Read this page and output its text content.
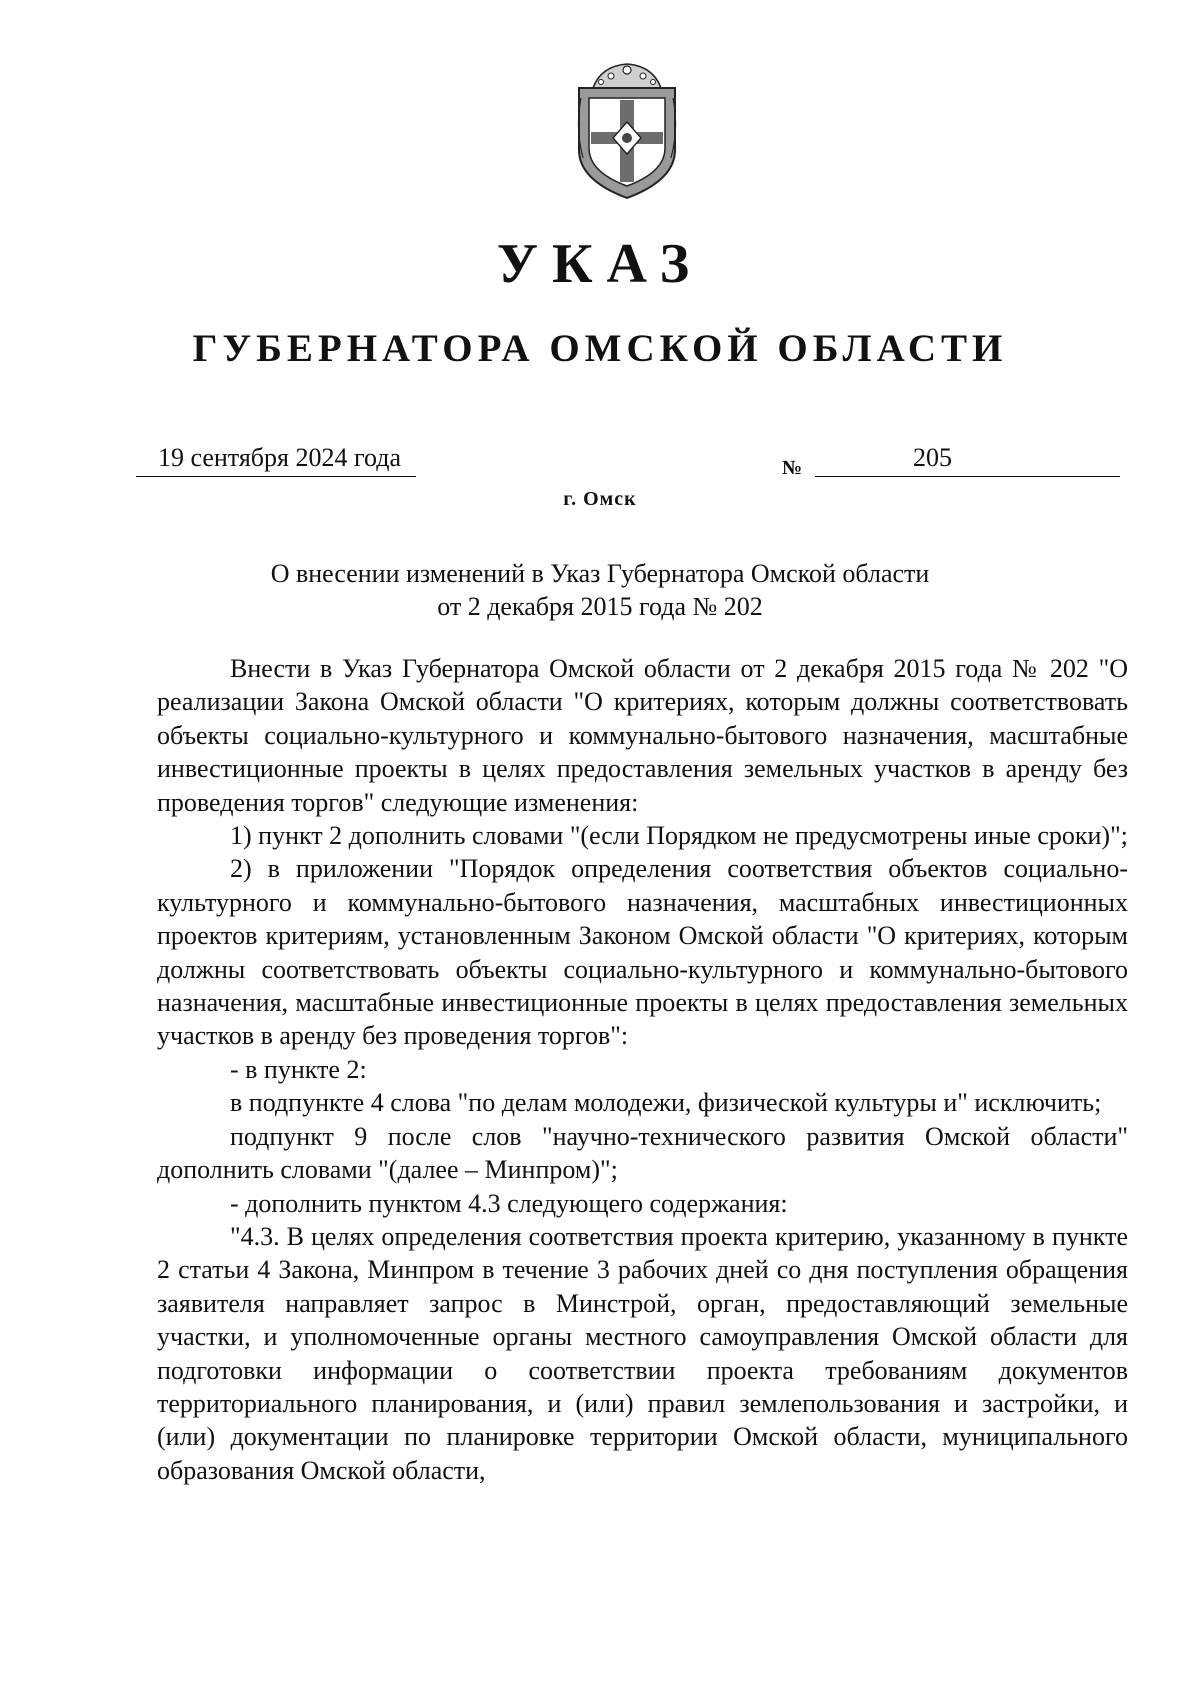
УКАЗ
ГУБЕРНАТОРА ОМСКОЙ ОБЛАСТИ
19 сентября 2024 года	№	205
г. Омск
О внесении изменений в Указ Губернатора Омской области
от 2 декабря 2015 года № 202

Внести в Указ Губернатора Омской области от 2 декабря 2015 года № 202 "О реализации Закона Омской области "О критериях, которым должны соответствовать объекты социально-культурного и коммунально-бытового назначения, масштабные инвестиционные проекты в целях предоставления земельных участков в аренду без проведения торгов" следующие изменения:

1) пункт 2 дополнить словами "(если Порядком не предусмотрены иные сроки)";

2) в приложении "Порядок определения соответствия объектов социально-культурного и коммунально-бытового назначения, масштабных инвестиционных проектов критериям, установленным Законом Омской области "О критериях, которым должны соответствовать объекты социально-культурного и коммунально-бытового назначения, масштабные инвестиционные проекты в целях предоставления земельных участков в аренду без проведения торгов":

- в пункте 2:

в подпункте 4 слова "по делам молодежи, физической культуры и" исключить;

подпункт 9 после слов "научно-технического развития Омской области" дополнить словами "(далее – Минпром)";

- дополнить пунктом 4.3 следующего содержания:

"4.3. В целях определения соответствия проекта критерию, указанному в пункте 2 статьи 4 Закона, Минпром в течение 3 рабочих дней со дня поступления обращения заявителя направляет запрос в Минстрой, орган, предоставляющий земельные участки, и уполномоченные органы местного самоуправления Омской области для подготовки информации о соответствии проекта требованиям документов территориального планирования, и (или) правил землепользования и застройки, и (или) документации по планировке территории Омской области, муниципального образования Омской области,
